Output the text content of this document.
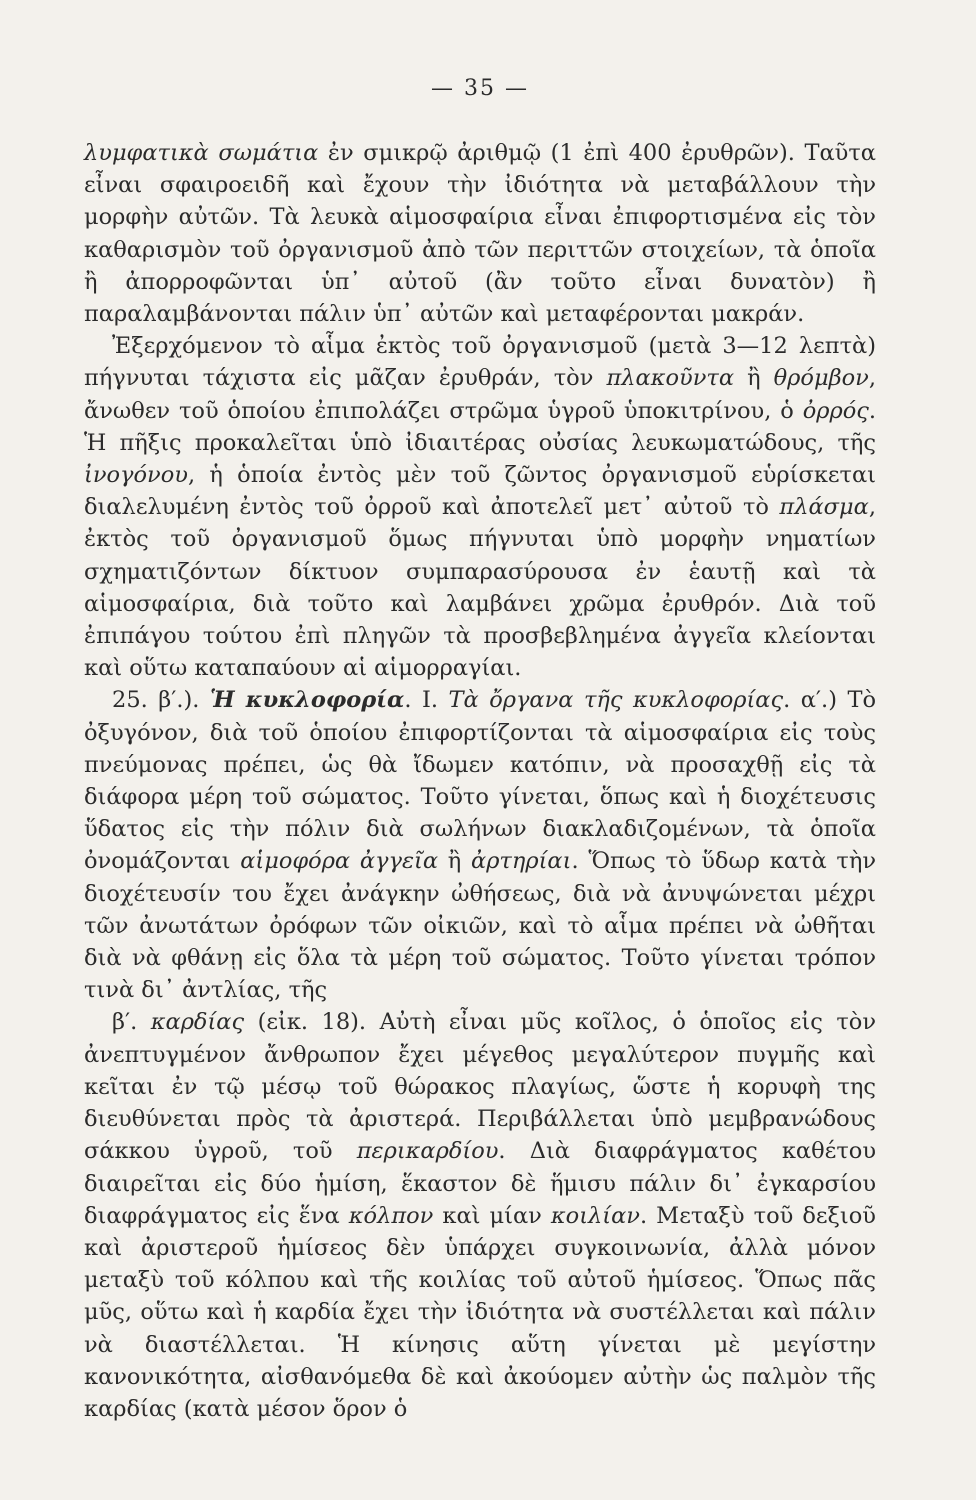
— 35 —

λυμφατικὰ σωμάτια ἐν σμικρῷ ἀριθμῷ (1 ἐπὶ 400 ἐρυθρῶν). Ταῦτα εἶναι σφαιροειδῆ καὶ ἔχουν τὴν ἰδιότητα νὰ μεταβάλλουν τὴν μορφὴν αὐτῶν. Τὰ λευκὰ αἱμοσφαίρια εἶναι ἐπιφορτισμένα εἰς τὸν καθαρισμὸν τοῦ ὀργανισμοῦ ἀπὸ τῶν περιττῶν στοιχείων, τὰ ὁποῖα ἢ ἀπορροφῶνται ὑπ᾽ αὐτοῦ (ἂν τοῦτο εἶναι δυνατὸν) ἢ παραλαμβάνονται πάλιν ὑπ᾽ αὐτῶν καὶ μεταφέρονται μακράν.

Ἐξερχόμενον τὸ αἷμα ἐκτὸς τοῦ ὀργανισμοῦ (μετὰ 3—12 λεπτὰ) πήγνυται τάχιστα εἰς μᾶζαν ἐρυθράν, τὸν πλακοῦντα ἢ θρόμβον, ἄνωθεν τοῦ ὁποίου ἐπιπολάζει στρῶμα ὑγροῦ ὑποκιτρίνου, ὁ ὀρρός. Ἡ πῆξις προκαλεῖται ὑπὸ ἰδιαιτέρας οὐσίας λευκωματώδους, τῆς ἰνογόνου, ἡ ὁποία ἐντὸς μὲν τοῦ ζῶντος ὀργανισμοῦ εὑρίσκεται διαλελυμένη ἐντὸς τοῦ ὀρροῦ καὶ ἀποτελεῖ μετ᾽ αὐτοῦ τὸ πλάσμα, ἐκτὸς τοῦ ὀργανισμοῦ ὅμως πήγνυται ὑπὸ μορφὴν νηματίων σχηματιζόντων δίκτυον συμπαρασύρουσα ἐν ἑαυτῇ καὶ τὰ αἱμοσφαίρια, διὰ τοῦτο καὶ λαμβάνει χρῶμα ἐρυθρόν. Διὰ τοῦ ἐπιπάγου τούτου ἐπὶ πληγῶν τὰ προσβεβλημένα ἀγγεῖα κλείονται καὶ οὕτω καταπαύουν αἱ αἱμορραγίαι.

25. β′.). Ἡ κυκλοφορία. I. Τὰ ὄργανα τῆς κυκλοφορίας. α′.) Τὸ ὀξυγόνον, διὰ τοῦ ὁποίου ἐπιφορτίζονται τὰ αἱμοσφαίρια εἰς τοὺς πνεύμονας πρέπει, ὡς θὰ ἴδωμεν κατόπιν, νὰ προσαχθῇ εἰς τὰ διάφορα μέρη τοῦ σώματος. Τοῦτο γίνεται, ὅπως καὶ ἡ διοχέτευσις ὕδατος εἰς τὴν πόλιν διὰ σωλήνων διακλαδιζομένων, τὰ ὁποῖα ὀνομάζονται αἱμοφόρα ἀγγεῖα ἢ ἀρτηρίαι. Ὅπως τὸ ὕδωρ κατὰ τὴν διοχέτευσίν του ἔχει ἀνάγκην ὠθήσεως, διὰ νὰ ἀνυψώνεται μέχρι τῶν ἀνωτάτων ὀρόφων τῶν οἰκιῶν, καὶ τὸ αἷμα πρέπει νὰ ὠθῆται διὰ νὰ φθάνῃ εἰς ὅλα τὰ μέρη τοῦ σώματος. Τοῦτο γίνεται τρόπον τινὰ δι᾽ ἀντλίας, τῆς

β′. καρδίας (εἰκ. 18). Αὐτὴ εἶναι μῦς κοῖλος, ὁ ὁποῖος εἰς τὸν ἀνεπτυγμένον ἄνθρωπον ἔχει μέγεθος μεγαλύτερον πυγμῆς καὶ κεῖται ἐν τῷ μέσῳ τοῦ θώρακος πλαγίως, ὥστε ἡ κορυφὴ της διευθύνεται πρὸς τὰ ἀριστερά. Περιβάλλεται ὑπὸ μεμβρανώδους σάκκου ὑγροῦ, τοῦ περικαρδίου. Διὰ διαφράγματος καθέτου διαιρεῖται εἰς δύο ἡμίση, ἕκαστον δὲ ἥμισυ πάλιν δι᾽ ἐγκαρσίου διαφράγματος εἰς ἕνα κόλπον καὶ μίαν κοιλίαν. Μεταξὺ τοῦ δεξιοῦ καὶ ἀριστεροῦ ἡμίσεος δὲν ὑπάρχει συγκοινωνία, ἀλλὰ μόνον μεταξὺ τοῦ κόλπου καὶ τῆς κοιλίας τοῦ αὐτοῦ ἡμίσεος. Ὅπως πᾶς μῦς, οὕτω καὶ ἡ καρδία ἔχει τὴν ἰδιότητα νὰ συστέλλεται καὶ πάλιν νὰ διαστέλλεται. Ἡ κίνησις αὕτη γίνεται μὲ μεγίστην κανονικότητα, αἰσθανόμεθα δὲ καὶ ἀκούομεν αὐτὴν ὡς παλμὸν τῆς καρδίας (κατὰ μέσον ὅρον ὁ
